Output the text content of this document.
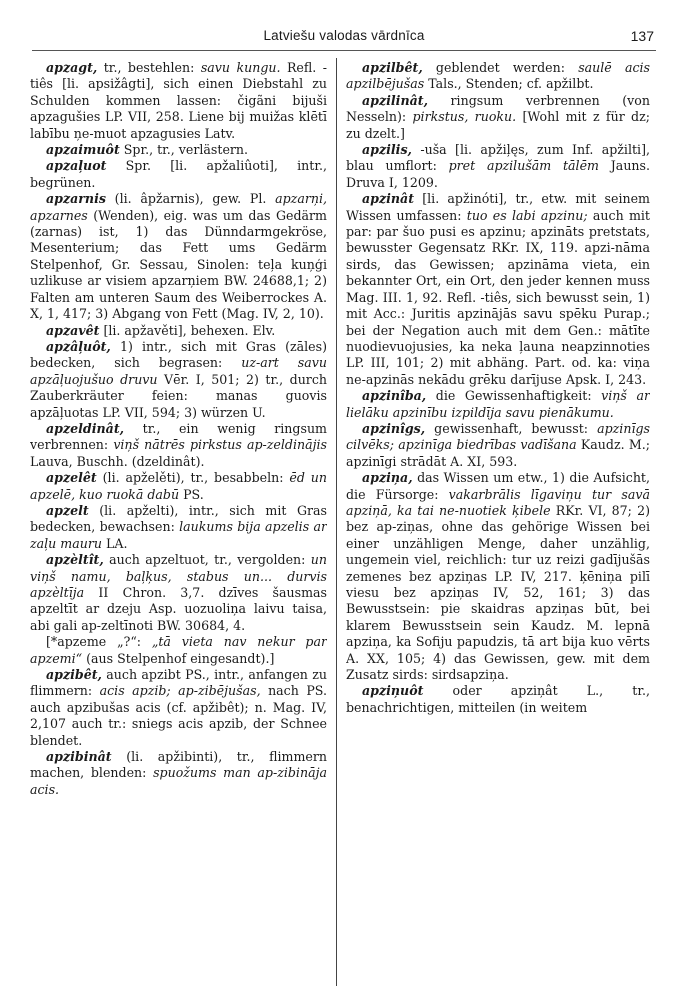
Latviešu valodas vārdnīca	137

apzagt, tr., bestehlen: savu kungu. Refl. -tiês [li. apsižâgti], sich einen Diebstahl zu Schulden kommen lassen: čigãni bijuši apzagušies LP. VII, 258. Liene bij muižas klētī labību ņe-muot apzagusies Latv.

apzaimuôt Spr., tr., verlästern.

apzaļuot Spr. [li. apžaliûoti], intr., begrünen.

apzarnis (li. âpžarnis), gew. Pl. apzarņi, apzarnes (Wenden), eig. was um das Gedärm (zarnas) ist, 1) das Dünndarmgekröse, Mesenterium; das Fett ums Gedärm Stelpenhof, Gr. Sessau, Sinolen: teļa kuņģi uzlikuse ar visiem apzarņiem BW. 24688,1; 2) Falten am unteren Saum des Weiberrockes A. X, 1, 417; 3) Abgang von Fett (Mag. IV, 2, 10).

apzavêt [li. apžavěti], behexen. Elv.

apzâļuôt, 1) intr., sich mit Gras (zāles) bedecken, sich begrasen: uz-art savu apzāļuojušuo druvu Vēr. I, 501; 2) tr., durch Zauberkräuter feien: manas guovis apzāļuotas LP. VII, 594; 3) würzen U.

apzeldinât, tr., ein wenig ringsum verbrennen: viņš nātrēs pirkstus ap-zeldinājis Lauva, Buschh. (dzeldinât).

apzelêt (li. apželěti), tr., besabbeln: ēd un apzelē, kuo ruokā dabū PS.

apzelt (li. apželti), intr., sich mit Gras bedecken, bewachsen: laukums bija apzelis ar zaļu mauru LA.

apzèltît, auch apzeltuot, tr., vergolden: un viņš namu, baļķus, stabus un... durvis apzèltīja II Chron. 3,7. dzīves šausmas apzeltīt ar dzeju Asp. uozuoliņa laivu taisa, abi gali ap-zeltīnoti BW. 30684, 4.

[*apzeme „?“: „tā vieta nav nekur par apzemi“ (aus Stelpenhof eingesandt).]

apzibêt, auch apzibt PS., intr., anfangen zu flimmern: acis apzib; ap-zibējušas, nach PS. auch apzibušas acis (cf. apžibêt); n. Mag. IV, 2,107 auch tr.: sniegs acis apzib, der Schnee blendet.

apzibinât (li. apžibinti), tr., flimmern machen, blenden: spuožums man ap-zibināja acis.

apzilbêt, geblendet werden: saulē acis apzilbējušas Tals., Stenden; cf. apžilbt.

apzilinât, ringsum verbrennen (von Nesseln): pirkstus, ruoku. [Wohl mit z für dz; zu dzelt.]

apzilis, -uša [li. apžiļęs, zum Inf. apžilti], blau umflort: pret apzilušām tālēm Jauns. Druva I, 1209.

apzinât [li. apžinóti], tr., etw. mit seinem Wissen umfassen: tuo es labi apzinu; auch mit par: par šuo pusi es apzinu; apzināts pretstats, bewusster Gegensatz RKr. IX, 119. apzi-nāma sirds, das Gewissen; apzināma vieta, ein bekannter Ort, ein Ort, den jeder kennen muss Mag. III. 1, 92. Refl. -tiês, sich bewusst sein, 1) mit Acc.: Juritis apzinājās savu spēku Purap.; bei der Negation auch mit dem Gen.: mātīte nuodievuojusies, ka neka ļauna neapzinnoties LP. III, 101; 2) mit abhäng. Part. od. ka: viņa ne-apzinās nekādu grēku darījuse Apsk. I, 243.

apzinîba, die Gewissenhaftigkeit: viņš ar lielāku apzinību izpildīja savu pienākumu.

apzinîgs, gewissenhaft, bewusst: apzinīgs cilvēks; apzinīga biedrības vadīšana Kaudz. M.; apzinīgi strādāt A. XI, 593.

apziņa, das Wissen um etw., 1) die Aufsicht, die Fürsorge: vakarbrālis līgaviņu tur savā apziņā, ka tai ne-nuotiek ķibele RKr. VI, 87; 2) bez ap-ziņas, ohne das gehörige Wissen bei einer unzähligen Menge, daher unzählig, ungemein viel, reichlich: tur uz reizi gadījušās zemenes bez apziņas LP. IV, 217. ķēniņa pilī viesu bez apziņas IV, 52, 161; 3) das Bewusstsein: pie skaidras apziņas būt, bei klarem Bewusstsein sein Kaudz. M. lepnā apziņa, ka Sofiju papudzis, tā art bija kuo vērts A. XX, 105; 4) das Gewissen, gew. mit dem Zusatz sirds: sirdsapziņa.

apziņuôt oder apziņât L., tr., benachrichtigen, mitteilen (in weitem
